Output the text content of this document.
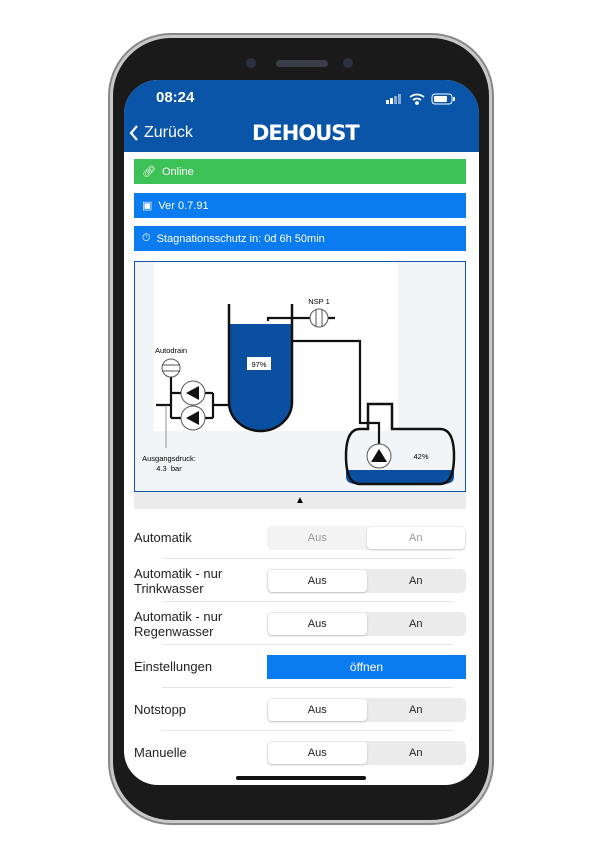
08:24
Zurück	DEHOUST
🔗︎ Online
▣ Ver 0.7.91
⏱︎ Stagnationsschutz in: 0d 6h 50min
97%
42%
Autodrain
NSP 1
Ausgangsdruck:
4.3  bar
▲
Automatik	Aus	An
Automatik - nur Trinkwasser	Aus	An
Automatik - nur Regenwasser	Aus	An
Einstellungen	öffnen
Notstopp	Aus	An
Manuelle	Aus	An
